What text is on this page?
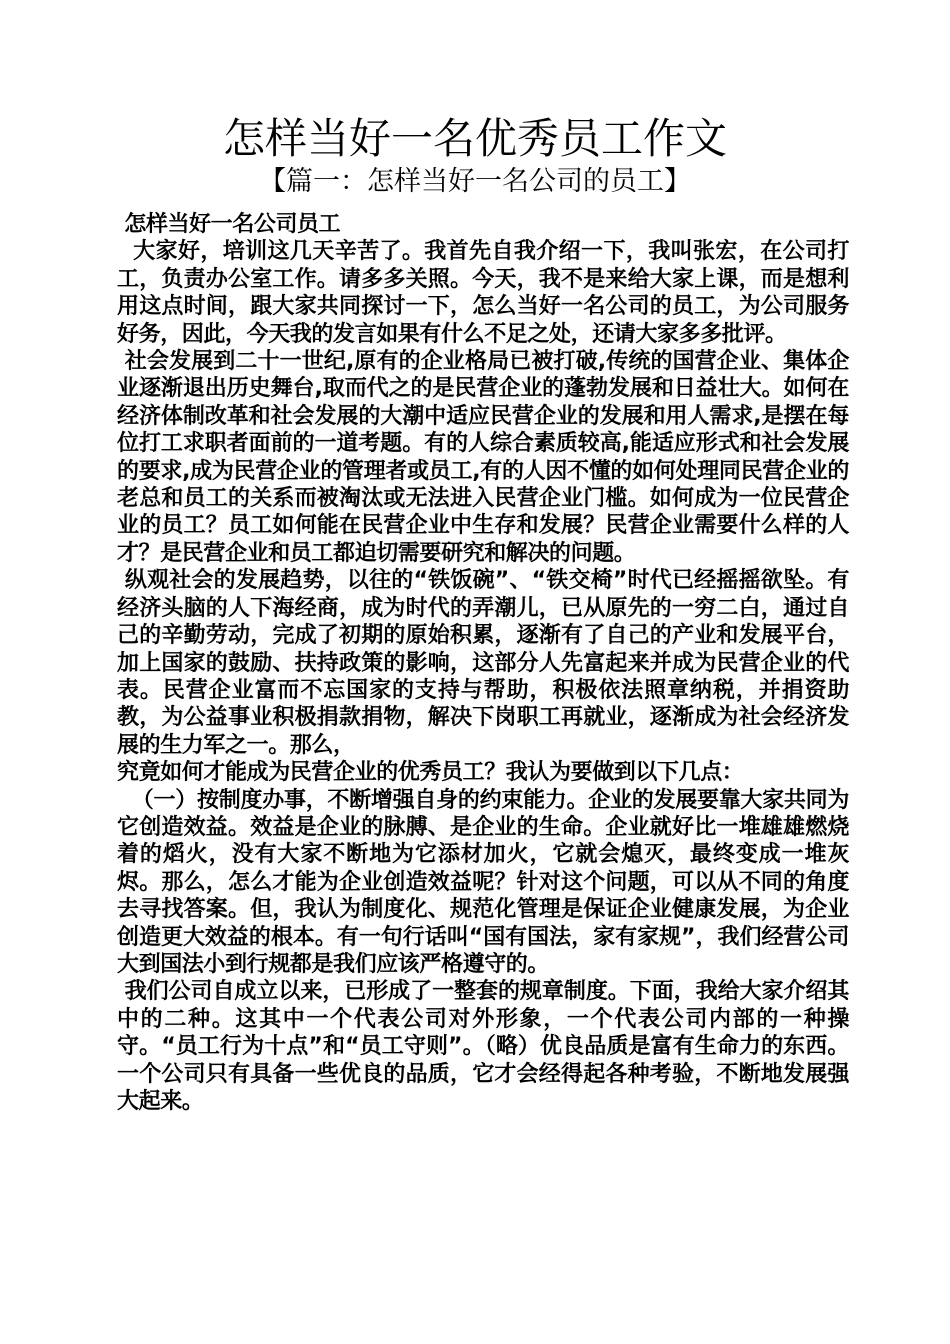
怎样当好一名优秀员工作文
【篇一：怎样当好一名公司的员工】

怎样当好一名公司员工

大家好，培训这几天辛苦了。我首先自我介绍一下，我叫张宏，在公司打工，负责办公室工作。请多多关照。今天，我不是来给大家上课，而是想利用这点时间，跟大家共同探讨一下，怎么当好一名公司的员工，为公司服务好务，因此，今天我的发言如果有什么不足之处，还请大家多多批评。

社会发展到二十一世纪,原有的企业格局已被打破,传统的国营企业、集体企业逐渐退出历史舞台,取而代之的是民营企业的蓬勃发展和日益壮大。如何在经济体制改革和社会发展的大潮中适应民营企业的发展和用人需求,是摆在每位打工求职者面前的一道考题。有的人综合素质较高,能适应形式和社会发展的要求,成为民营企业的管理者或员工,有的人因不懂的如何处理同民营企业的老总和员工的关系而被淘汰或无法进入民营企业门槛。如何成为一位民营企业的员工？员工如何能在民营企业中生存和发展？民营企业需要什么样的人才？是民营企业和员工都迫切需要研究和解决的问题。

纵观社会的发展趋势，以往的“铁饭碗”、“铁交椅”时代已经摇摇欲坠。有经济头脑的人下海经商，成为时代的弄潮儿，已从原先的一穷二白，通过自己的辛勤劳动，完成了初期的原始积累，逐渐有了自己的产业和发展平台，加上国家的鼓励、扶持政策的影响，这部分人先富起来并成为民营企业的代表。民营企业富而不忘国家的支持与帮助，积极依法照章纳税，并捐资助教，为公益事业积极捐款捐物，解决下岗职工再就业，逐渐成为社会经济发展的生力军之一。那么，

究竟如何才能成为民营企业的优秀员工？我认为要做到以下几点：

（一）按制度办事，不断增强自身的约束能力。企业的发展要靠大家共同为它创造效益。效益是企业的脉膊、是企业的生命。企业就好比一堆雄雄燃烧着的熖火，没有大家不断地为它添材加火，它就会熄灭，最终变成一堆灰烬。那么，怎么才能为企业创造效益呢？针对这个问题，可以从不同的角度去寻找答案。但，我认为制度化、规范化管理是保证企业健康发展，为企业创造更大效益的根本。有一句行话叫“国有国法，家有家规”，我们经营公司大到国法小到行规都是我们应该严格遵守的。

我们公司自成立以来，已形成了一整套的规章制度。下面，我给大家介绍其中的二种。这其中一个代表公司对外形象，一个代表公司内部的一种操守。“员工行为十点”和“员工守则”。（略）优良品质是富有生命力的东西。一个公司只有具备一些优良的品质，它才会经得起各种考验，不断地发展强大起来。
